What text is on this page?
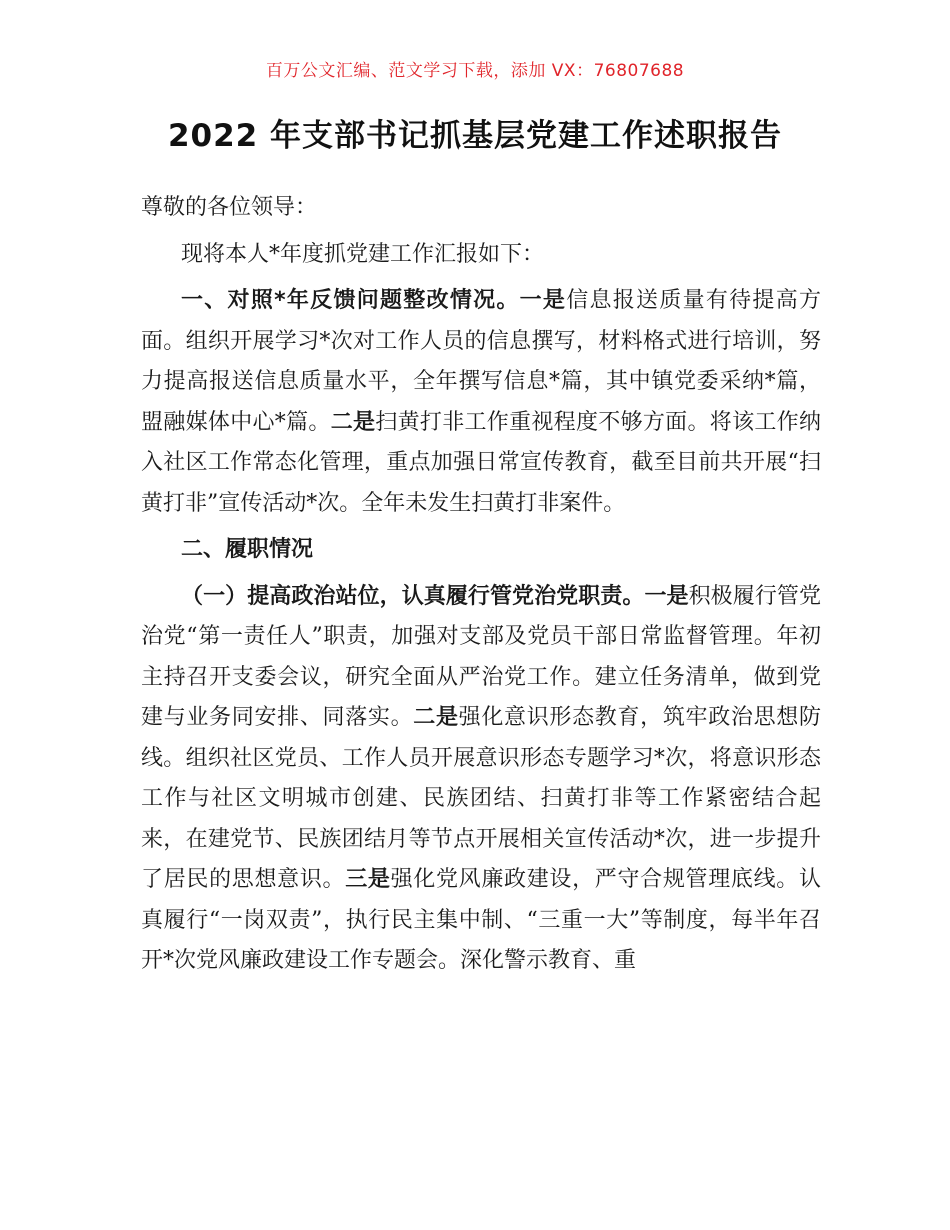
百万公文汇编、范文学习下载，添加 VX：76807688
2022 年支部书记抓基层党建工作述职报告

尊敬的各位领导：

现将本人*年度抓党建工作汇报如下：

一、对照*年反馈问题整改情况。一是信息报送质量有待提高方面。组织开展学习*次对工作人员的信息撰写，材料格式进行培训，努力提高报送信息质量水平，全年撰写信息*篇，其中镇党委采纳*篇，盟融媒体中心*篇。二是扫黄打非工作重视程度不够方面。将该工作纳入社区工作常态化管理，重点加强日常宣传教育，截至目前共开展“扫黄打非”宣传活动*次。全年未发生扫黄打非案件。

二、履职情况

（一）提高政治站位，认真履行管党治党职责。一是积极履行管党治党“第一责任人”职责，加强对支部及党员干部日常监督管理。年初主持召开支委会议，研究全面从严治党工作。建立任务清单，做到党建与业务同安排、同落实。二是强化意识形态教育，筑牢政治思想防线。组织社区党员、工作人员开展意识形态专题学习*次，将意识形态工作与社区文明城市创建、民族团结、扫黄打非等工作紧密结合起来，在建党节、民族团结月等节点开展相关宣传活动*次，进一步提升了居民的思想意识。三是强化党风廉政建设，严守合规管理底线。认真履行“一岗双责”，执行民主集中制、“三重一大”等制度，每半年召开*次党风廉政建设工作专题会。深化警示教育、重
